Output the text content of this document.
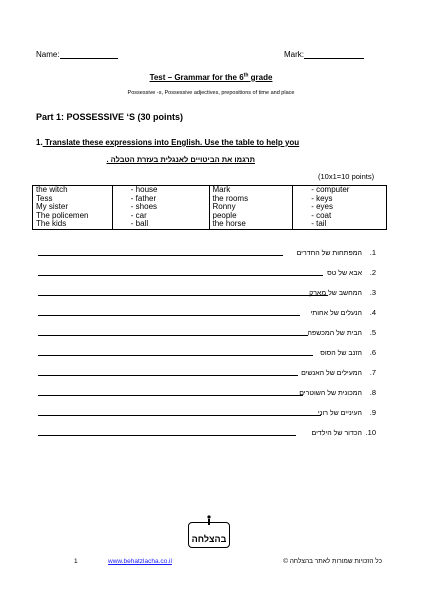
Name:	Mark:
Test – Grammar for the 6th grade
Possessive -s, Possessive adjectives, prepositions of time and place
Part 1: POSSESSIVE ‘S (30 points)
1. Translate these expressions into English. Use the table to help you
תרגמו את הביטויים לאנגלית בעזרת הטבלה .
(10x1=10 points)
the witch	- house	Mark	- computer
Tess	- father	the rooms	- keys
My sister	- shoes	Ronny	- eyes
The policemen	- car	people	- coat
The kids	- ball	the horse	- tail
המפתחות של החדרים .1
אבא של טס .2
המחשב של מארק .3
הנעלים של אחותי .4
הבית של המכשפה .5
הזנב של הסוס .6
המעילים של האנשים .7
המכונית של השוטרים .8
העיניים של רוני .9
הכדור של הילדים .10
בהצלחה
1	www.behatzlacha.co.il	כל הזכויות שמורות לאתר בהצלחה ©
